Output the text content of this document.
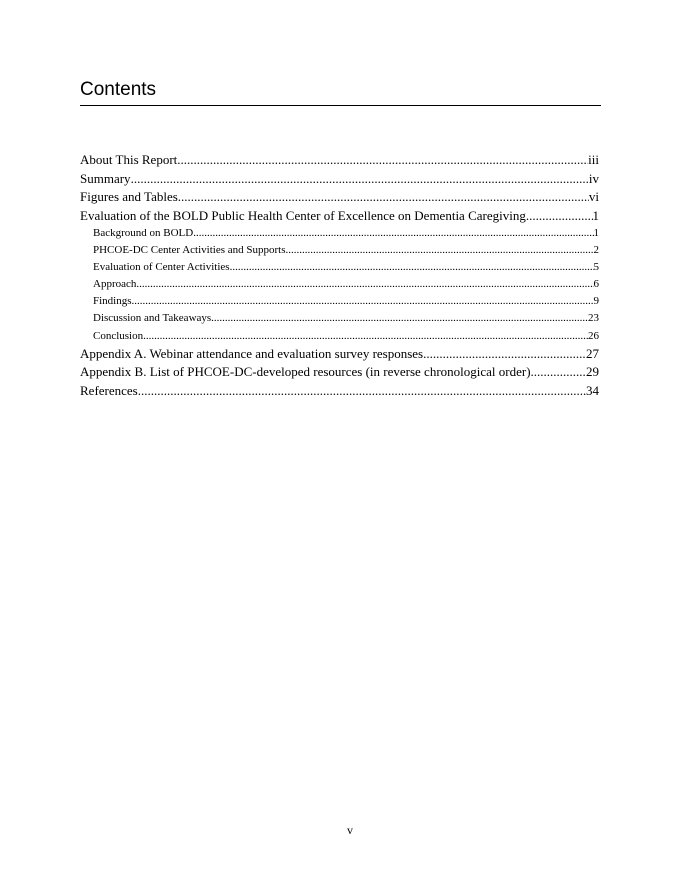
Contents
About This Report .....	iii
Summary .....	iv
Figures and Tables .....	vi
Evaluation of the BOLD Public Health Center of Excellence on Dementia Caregiving .....	1
Background on BOLD .....	1
PHCOE-DC Center Activities and Supports .....	2
Evaluation of Center Activities .....	5
Approach .....	6
Findings .....	9
Discussion and Takeaways .....	23
Conclusion .....	26
Appendix A. Webinar attendance and evaluation survey responses .....	27
Appendix B. List of PHCOE-DC-developed resources (in reverse chronological order) .....	29
References .....	34
v
